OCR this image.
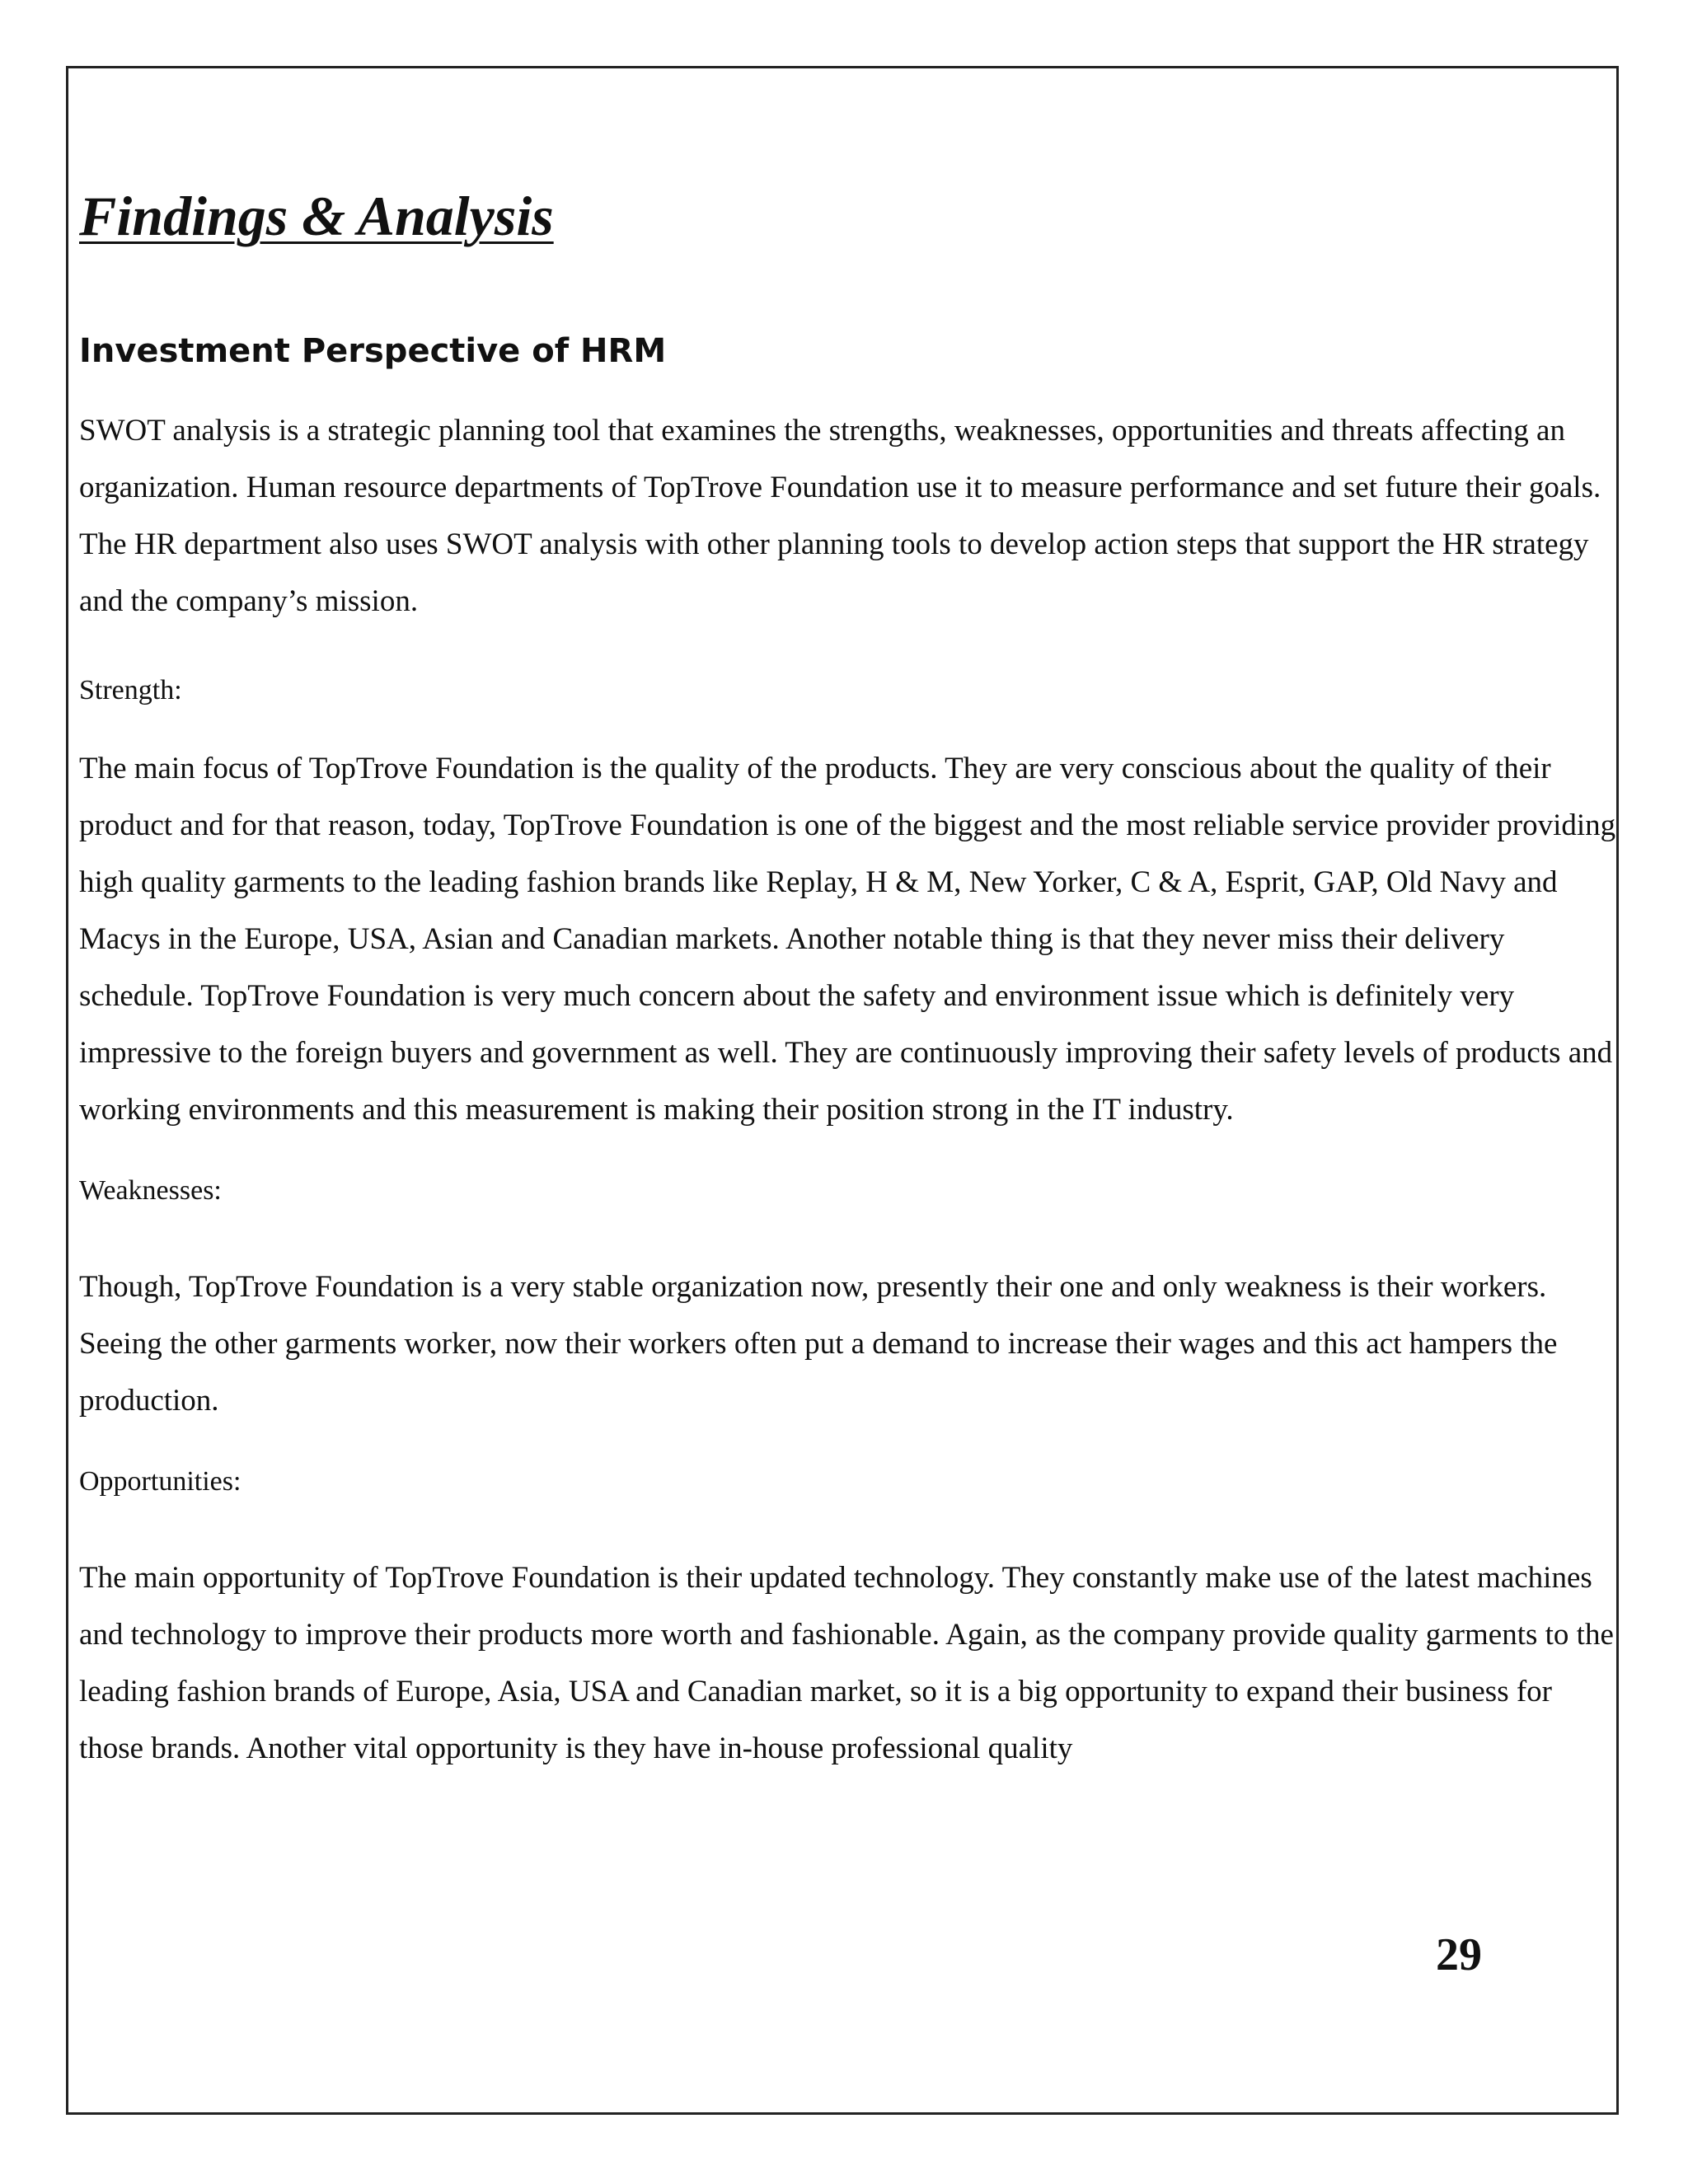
Findings & Analysis
Investment Perspective of HRM

SWOT analysis is a strategic planning tool that examines the strengths, weaknesses, opportunities and threats affecting an organization. Human resource departments of TopTrove Foundation use it to measure performance and set future their goals. The HR department also uses SWOT analysis with other planning tools to develop action steps that support the HR strategy and the company’s mission.

Strength:

The main focus of TopTrove Foundation is the quality of the products. They are very conscious about the quality of their product and for that reason, today, TopTrove Foundation is one of the biggest and the most reliable service provider providing high quality garments to the leading fashion brands like Replay, H & M, New Yorker, C & A, Esprit, GAP, Old Navy and Macys in the Europe, USA, Asian and Canadian markets. Another notable thing is that they never miss their delivery schedule. TopTrove Foundation is very much concern about the safety and environment issue which is definitely very impressive to the foreign buyers and government as well. They are continuously improving their safety levels of products and working environments and this measurement is making their position strong in the IT industry.

Weaknesses:

Though, TopTrove Foundation is a very stable organization now, presently their one and only weakness is their workers. Seeing the other garments worker, now their workers often put a demand to increase their wages and this act hampers the production.

Opportunities:

The main opportunity of TopTrove Foundation is their updated technology. They constantly make use of the latest machines and technology to improve their products more worth and fashionable. Again, as the company provide quality garments to the leading fashion brands of Europe, Asia, USA and Canadian market, so it is a big opportunity to expand their business for those brands. Another vital opportunity is they have in-house professional quality

29
